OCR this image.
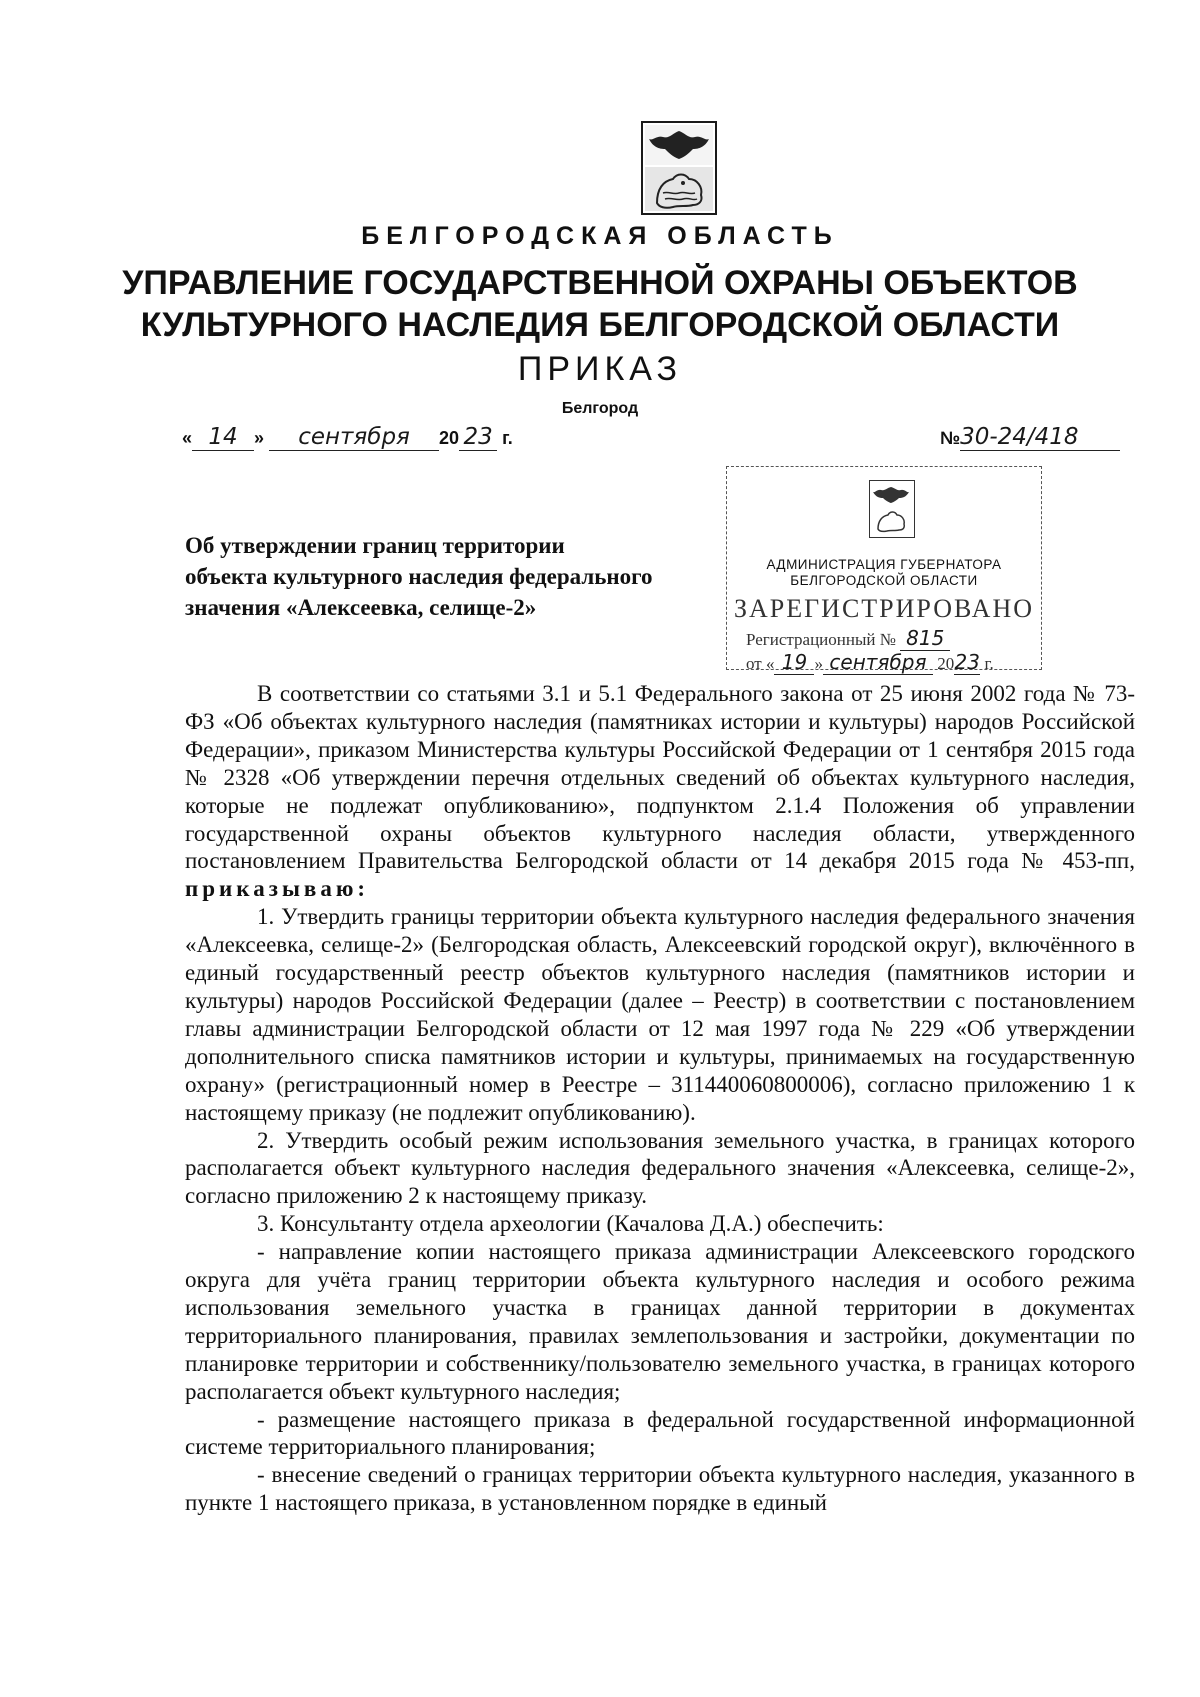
БЕЛГОРОДСКАЯ ОБЛАСТЬ
УПРАВЛЕНИЕ ГОСУДАРСТВЕННОЙ ОХРАНЫ ОБЪЕКТОВ
КУЛЬТУРНОГО НАСЛЕДИЯ БЕЛГОРОДСКОЙ ОБЛАСТИ
ПРИКАЗ
Белгород
« 14 » сентября 20 23 г.	№30-24/418
Об утверждении границ территории
объекта культурного наследия федерального
значения «Алексеевка, селище-2»
АДМИНИСТРАЦИЯ ГУБЕРНАТОРА
БЕЛГОРОДСКОЙ ОБЛАСТИ
ЗАРЕГИСТРИРОВАНО
Регистрационный № 815
от « 19 » сентября 2023 г.

В соответствии со статьями 3.1 и 5.1 Федерального закона от 25 июня 2002 года № 73-ФЗ «Об объектах культурного наследия (памятниках истории и культуры) народов Российской Федерации», приказом Министерства культуры Российской Федерации от 1 сентября 2015 года № 2328 «Об утверждении перечня отдельных сведений об объектах культурного наследия, которые не подлежат опубликованию», подпунктом 2.1.4 Положения об управлении государственной охраны объектов культурного наследия области, утвержденного постановлением Правительства Белгородской области от 14 декабря 2015 года № 453-пп, приказываю:

1. Утвердить границы территории объекта культурного наследия федерального значения «Алексеевка, селище-2» (Белгородская область, Алексеевский городской округ), включённого в единый государственный реестр объектов культурного наследия (памятников истории и культуры) народов Российской Федерации (далее – Реестр) в соответствии с постановлением главы администрации Белгородской области от 12 мая 1997 года № 229 «Об утверждении дополнительного списка памятников истории и культуры, принимаемых на государственную охрану» (регистрационный номер в Реестре – 311440060800006), согласно приложению 1 к настоящему приказу (не подлежит опубликованию).

2. Утвердить особый режим использования земельного участка, в границах которого располагается объект культурного наследия федерального значения «Алексеевка, селище-2», согласно приложению 2 к настоящему приказу.

3. Консультанту отдела археологии (Качалова Д.А.) обеспечить:

- направление копии настоящего приказа администрации Алексеевского городского округа для учёта границ территории объекта культурного наследия и особого режима использования земельного участка в границах данной территории в документах территориального планирования, правилах землепользования и застройки, документации по планировке территории и собственнику/пользователю земельного участка, в границах которого располагается объект культурного наследия;

- размещение настоящего приказа в федеральной государственной информационной системе территориального планирования;

- внесение сведений о границах территории объекта культурного наследия, указанного в пункте 1 настоящего приказа, в установленном порядке в единый
